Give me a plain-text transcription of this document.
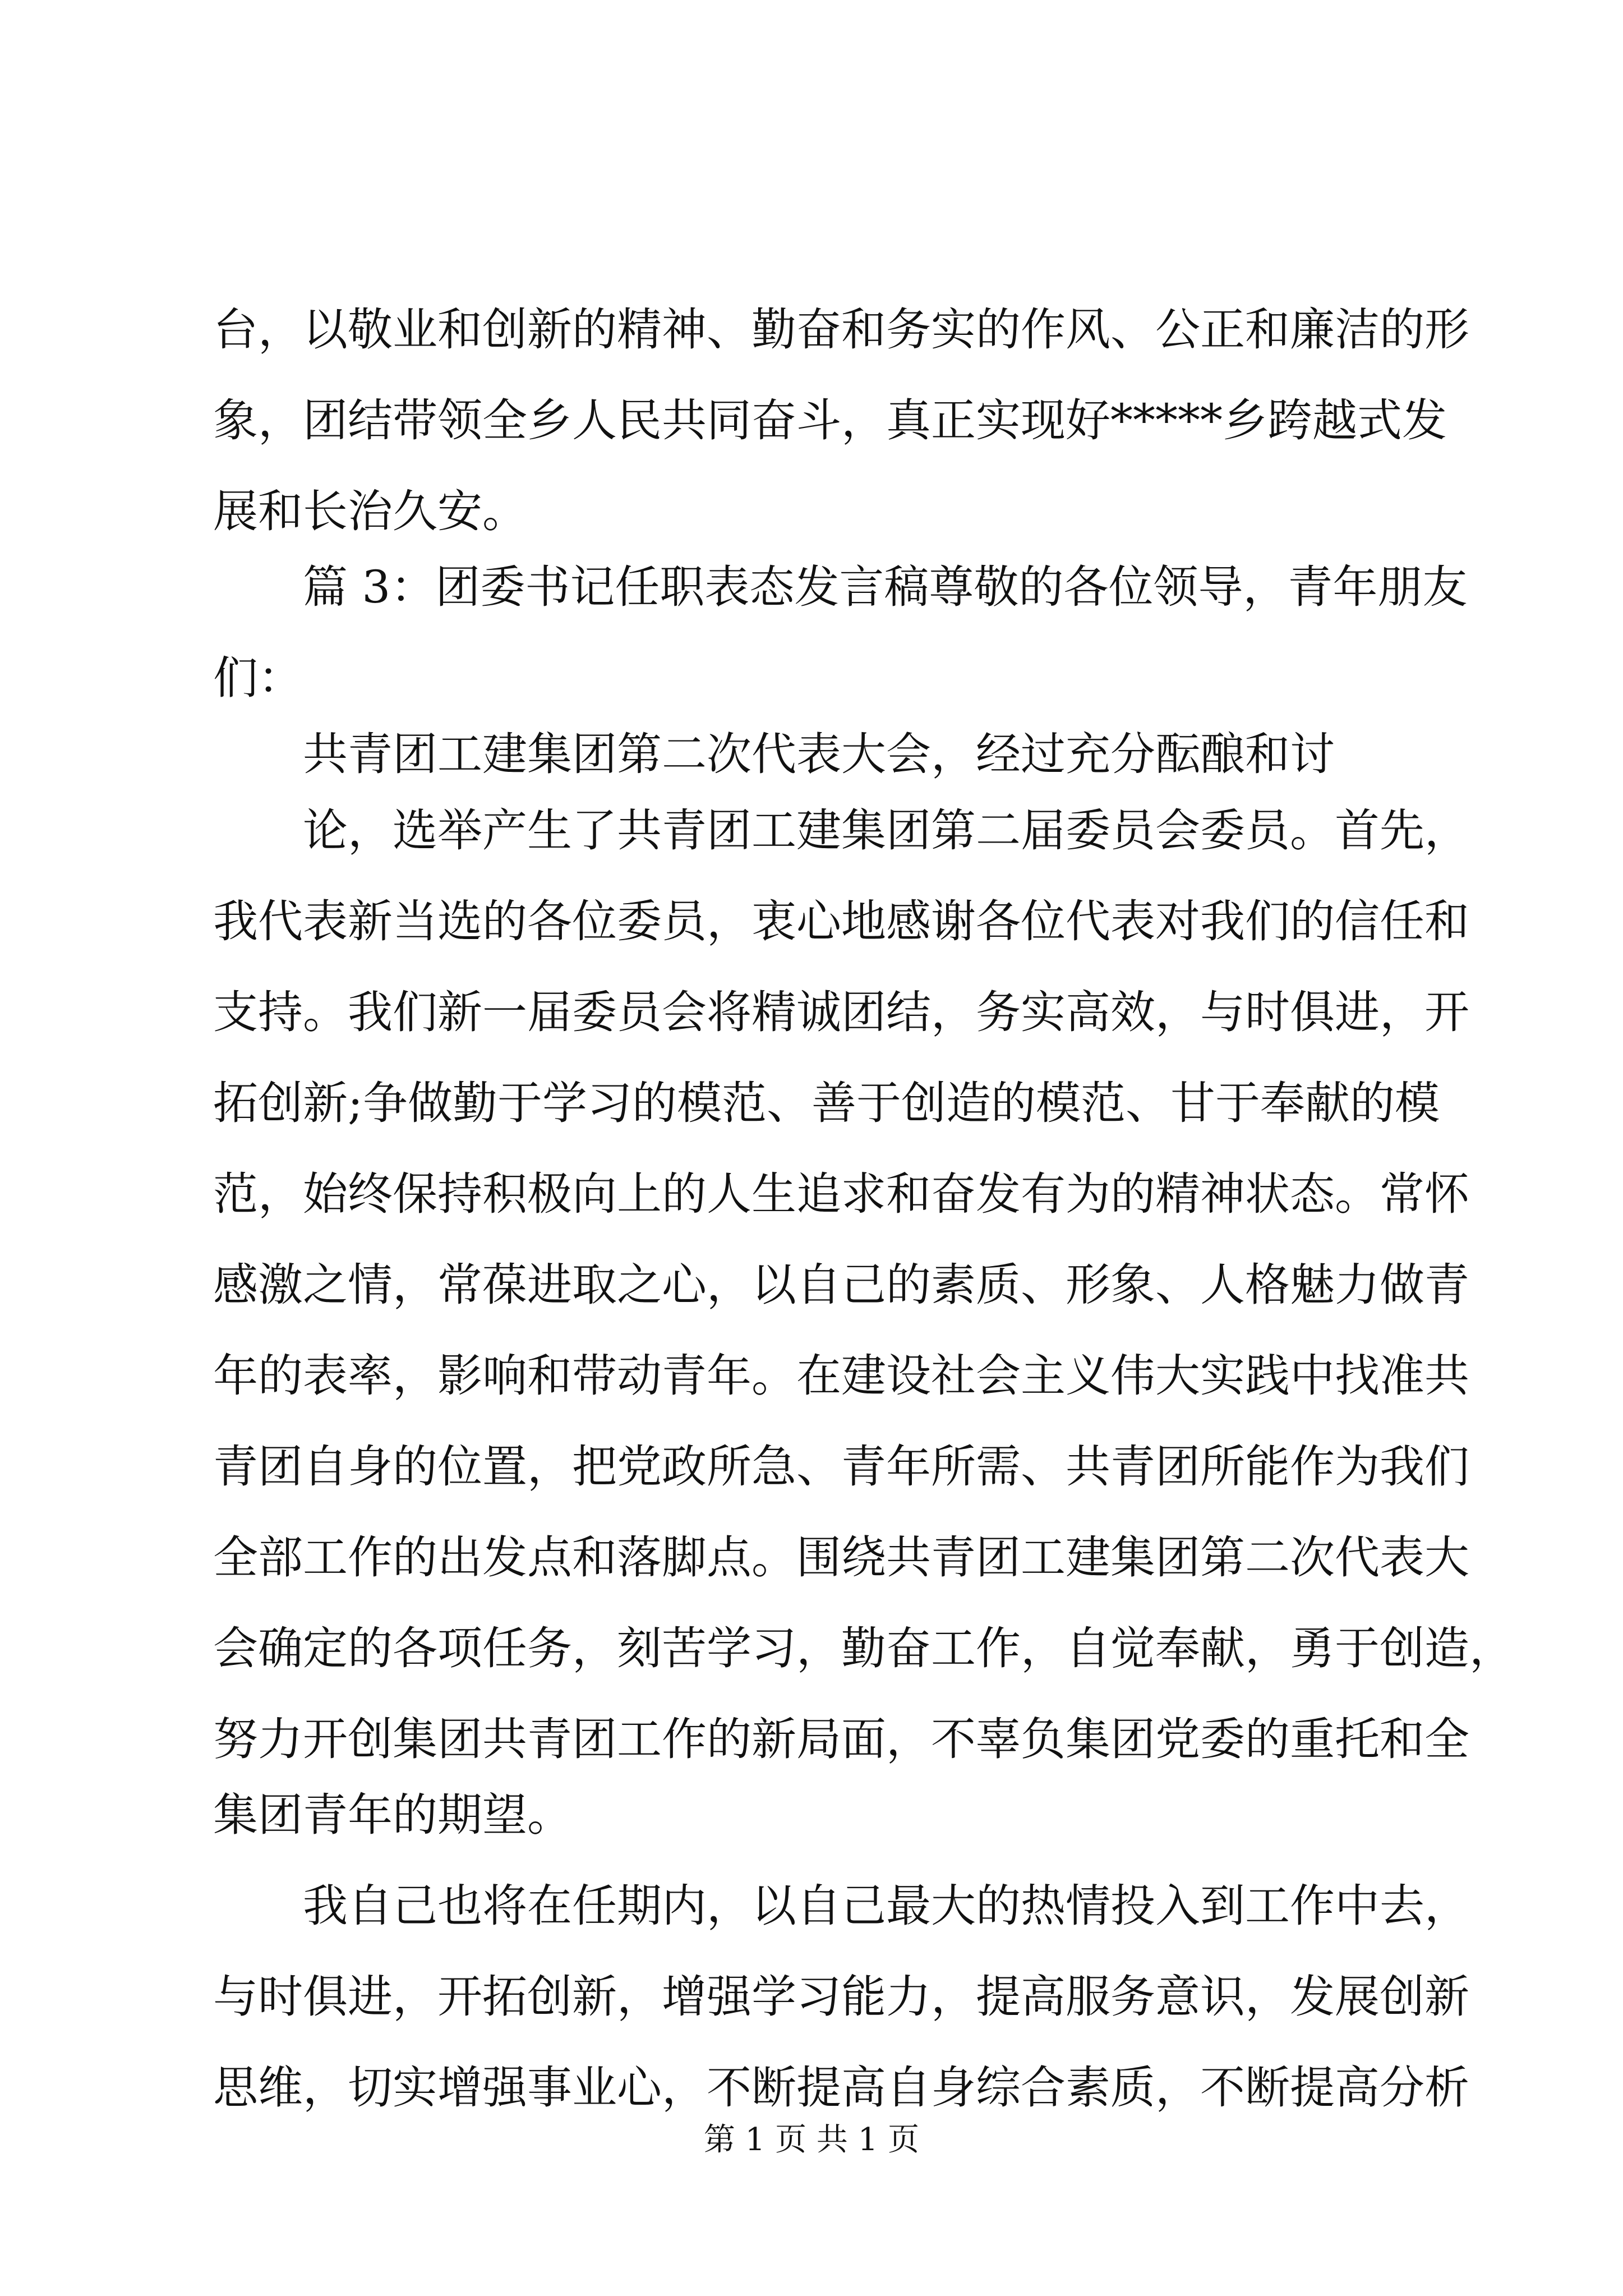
台，以敬业和创新的精神、勤奋和务实的作风、公正和廉洁的形
象，团结带领全乡人民共同奋斗，真正实现好*****乡跨越式发
展和长治久安。
篇 3：团委书记任职表态发言稿尊敬的各位领导，青年朋友
们：
共青团工建集团第二次代表大会，经过充分酝酿和讨
论，选举产生了共青团工建集团第二届委员会委员。首先，
我代表新当选的各位委员，衷心地感谢各位代表对我们的信任和
支持。我们新一届委员会将精诚团结，务实高效，与时俱进，开
拓创新;争做勤于学习的模范、善于创造的模范、甘于奉献的模
范，始终保持积极向上的人生追求和奋发有为的精神状态。常怀
感激之情，常葆进取之心，以自己的素质、形象、人格魅力做青
年的表率，影响和带动青年。在建设社会主义伟大实践中找准共
青团自身的位置，把党政所急、青年所需、共青团所能作为我们
全部工作的出发点和落脚点。围绕共青团工建集团第二次代表大
会确定的各项任务，刻苦学习，勤奋工作，自觉奉献，勇于创造，
努力开创集团共青团工作的新局面，不辜负集团党委的重托和全
集团青年的期望。
我自己也将在任期内，以自己最大的热情投入到工作中去，
与时俱进，开拓创新，增强学习能力，提高服务意识，发展创新
思维，切实增强事业心，不断提高自身综合素质，不断提高分析
第 1 页 共 1 页
